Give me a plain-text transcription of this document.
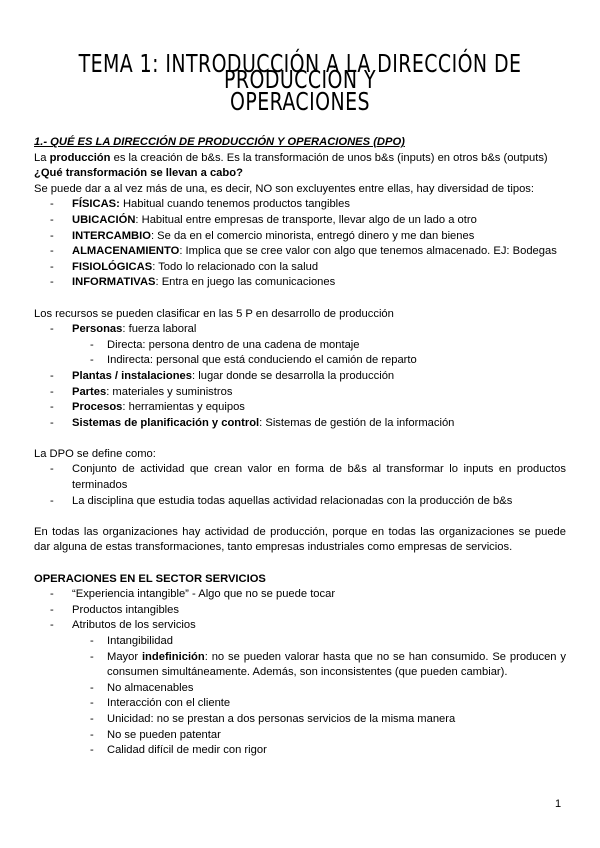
TEMA 1: INTRODUCCIÓN A LA DIRECCIÓN DE PRODUCCIÓN Y
OPERACIONES

1.- QUÉ ES LA DIRECCIÓN DE PRODUCCIÓN Y OPERACIONES (DPO)

La producción es la creación de b&s. Es la transformación de unos b&s (inputs) en otros b&s (outputs)

¿Qué transformación se llevan a cabo?

Se puede dar a al vez más de una, es decir, NO son excluyentes entre ellas, hay diversidad de tipos:

- FÍSICAS: Habitual cuando tenemos productos tangibles
- UBICACIÓN: Habitual entre empresas de transporte, llevar algo de un lado a otro
- INTERCAMBIO: Se da en el comercio minorista, entregó dinero y me dan bienes
- ALMACENAMIENTO: Implica que se cree valor con algo que tenemos almacenado. EJ: Bodegas
- FISIOLÓGICAS: Todo lo relacionado con la salud
- INFORMATIVAS: Entra en juego las comunicaciones

Los recursos se pueden clasificar en las 5 P en desarrollo de producción

- Personas: fuerza laboral
- Directa: persona dentro de una cadena de montaje
- Indirecta: personal que está conduciendo el camión de reparto
- Plantas / instalaciones: lugar donde se desarrolla la producción
- Partes: materiales y suministros
- Procesos: herramientas y equipos
- Sistemas de planificación y control: Sistemas de gestión de la información

La DPO se define como:

- Conjunto de actividad que crean valor en forma de b&s al transformar lo inputs en productos terminados
- La disciplina que estudia todas aquellas actividad relacionadas con la producción de b&s

En todas las organizaciones hay actividad de producción, porque en todas las organizaciones se puede dar alguna de estas transformaciones, tanto empresas industriales como empresas de servicios.

OPERACIONES EN EL SECTOR SERVICIOS

- “Experiencia intangible” - Algo que no se puede tocar
- Productos intangibles
- Atributos de los servicios
- Intangibilidad
- Mayor indefinición: no se pueden valorar hasta que no se han consumido. Se producen y consumen simultáneamente. Además, son inconsistentes (que pueden cambiar).
- No almacenables
- Interacción con el cliente
- Unicidad: no se prestan a dos personas servicios de la misma manera
- No se pueden patentar
- Calidad difícil de medir con rigor
1
